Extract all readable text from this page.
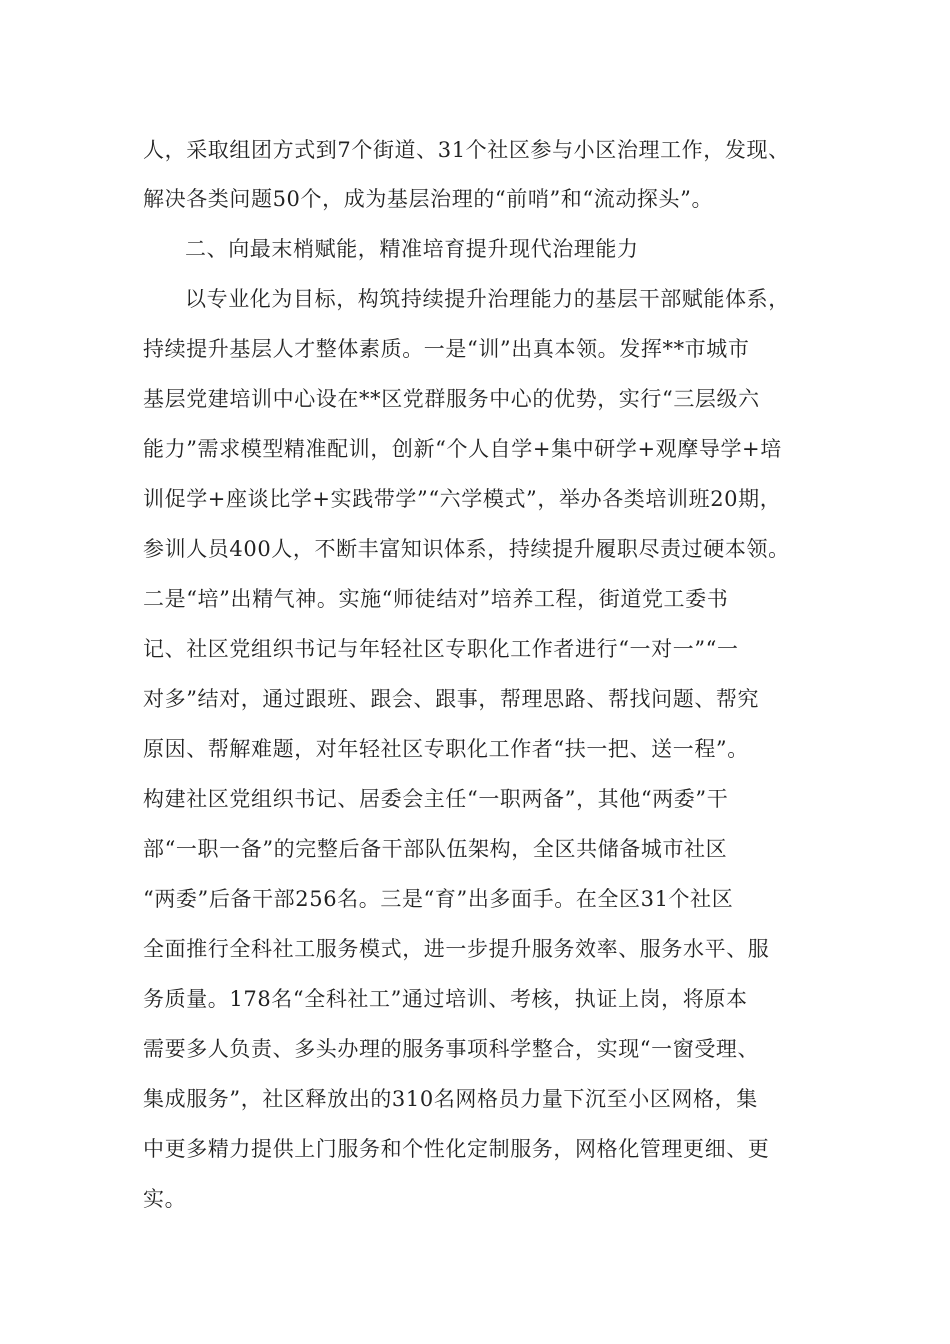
人，采取组团方式到7个街道、31个社区参与小区治理工作，发现、
解决各类问题50个，成为基层治理的“前哨”和“流动探头”。
二、向最末梢赋能，精准培育提升现代治理能力
以专业化为目标，构筑持续提升治理能力的基层干部赋能体系，
持续提升基层人才整体素质。一是“训”出真本领。发挥**市城市
基层党建培训中心设在**区党群服务中心的优势，实行“三层级六
能力”需求模型精准配训，创新“个人自学+集中研学+观摩导学+培
训促学+座谈比学+实践带学”“六学模式”，举办各类培训班20期，
参训人员400人，不断丰富知识体系，持续提升履职尽责过硬本领。
二是“培”出精气神。实施“师徒结对”培养工程，街道党工委书
记、社区党组织书记与年轻社区专职化工作者进行“一对一”“一
对多”结对，通过跟班、跟会、跟事，帮理思路、帮找问题、帮究
原因、帮解难题，对年轻社区专职化工作者“扶一把、送一程”。
构建社区党组织书记、居委会主任“一职两备”，其他“两委”干
部“一职一备”的完整后备干部队伍架构，全区共储备城市社区
“两委”后备干部256名。三是“育”出多面手。在全区31个社区
全面推行全科社工服务模式，进一步提升服务效率、服务水平、服
务质量。178名“全科社工”通过培训、考核，执证上岗，将原本
需要多人负责、多头办理的服务事项科学整合，实现“一窗受理、
集成服务”，社区释放出的310名网格员力量下沉至小区网格，集
中更多精力提供上门服务和个性化定制服务，网格化管理更细、更
实。
